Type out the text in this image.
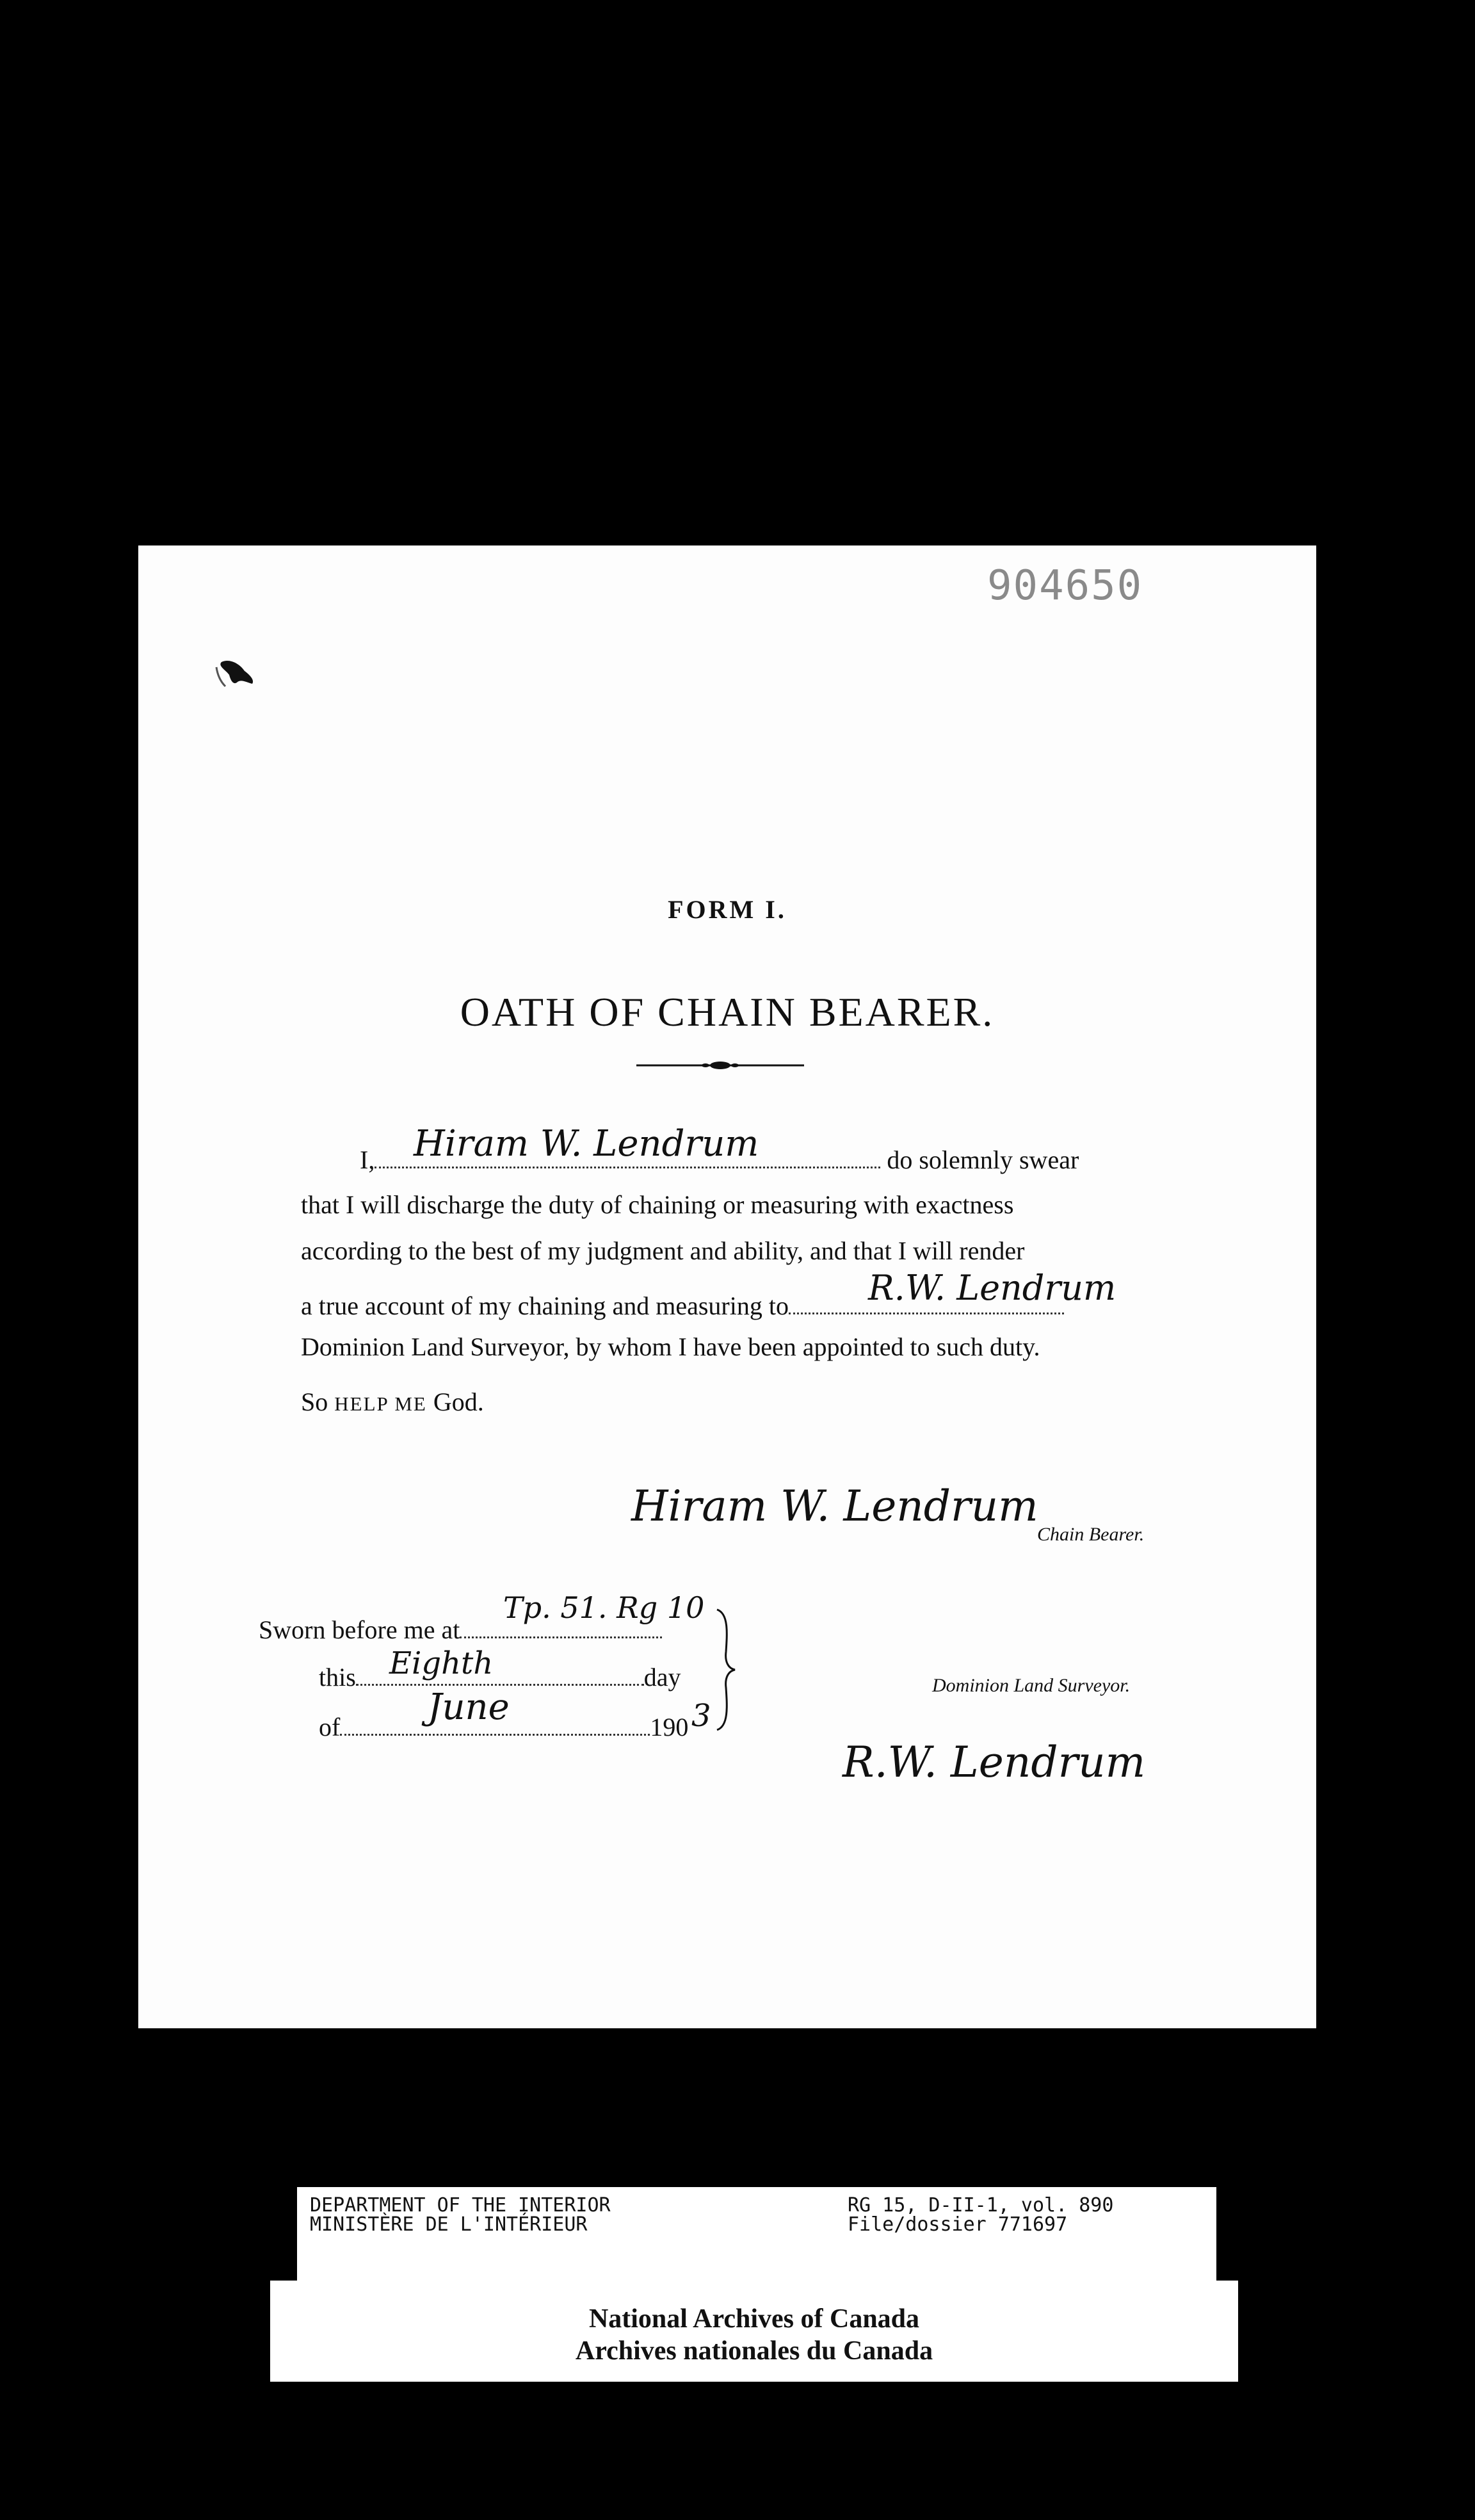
904650
FORM I.
OATH OF CHAIN BEARER.
I,	do solemnly swear
Hiram W. Lendrum
that I will discharge the duty of chaining or measuring with exactness
according to the best of my judgment and ability, and that I will render
a true account of my chaining and measuring to	R.W. Lendrum
Dominion Land Surveyor, by whom I have been appointed to such duty.
So HELP ME God.
Hiram W. Lendrum
Chain Bearer.
Sworn before me at
Tp. 51. Rg 10
this	day
Eighth
of	190
June	3
Dominion Land Surveyor.
R.W. Lendrum
DEPARTMENT OF THE INTERIOR
MINISTÈRE DE L'INTÉRIEUR
RG 15, D-II-1, vol. 890
File/dossier 771697
National Archives of Canada
Archives nationales du Canada
